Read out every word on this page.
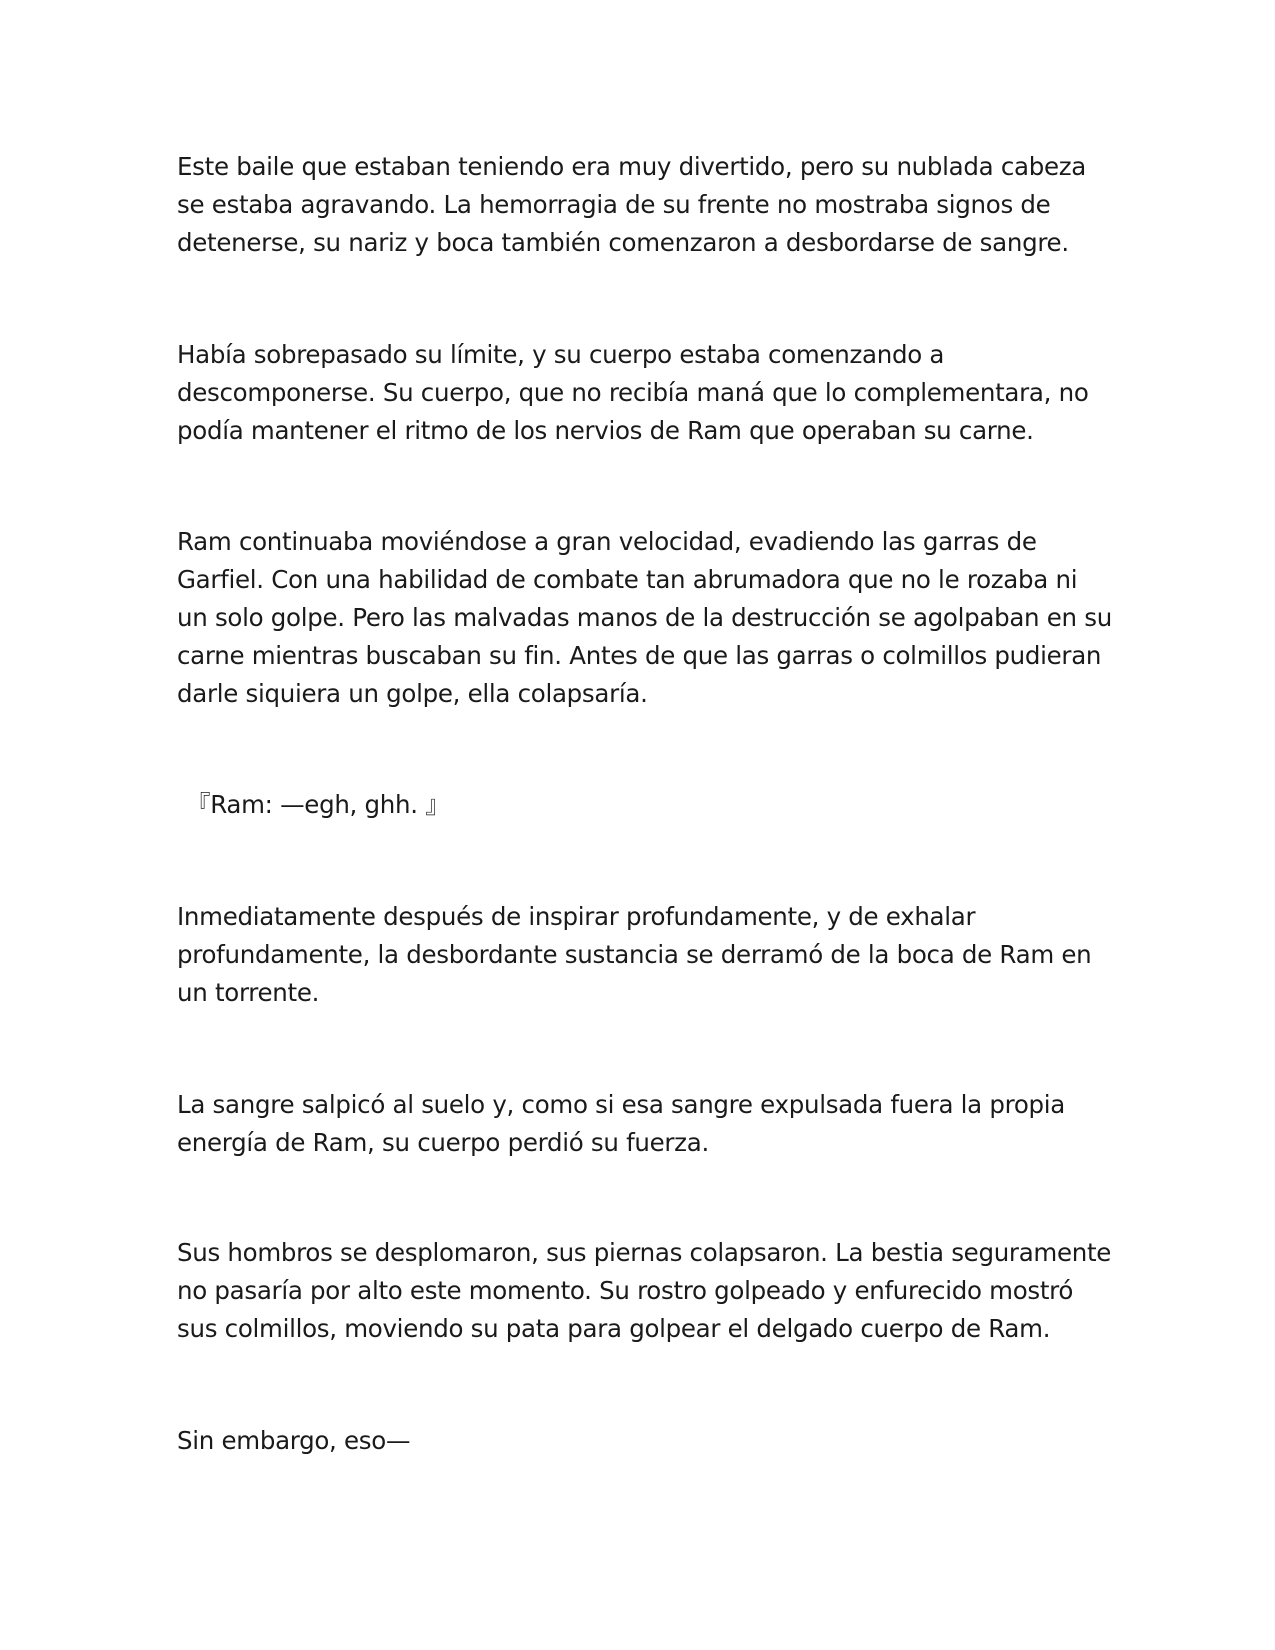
Este baile que estaban teniendo era muy divertido, pero su nublada cabeza
se estaba agravando. La hemorragia de su frente no mostraba signos de
detenerse, su nariz y boca también comenzaron a desbordarse de sangre.

Había sobrepasado su límite, y su cuerpo estaba comenzando a
descomponerse. Su cuerpo, que no recibía maná que lo complementara, no
podía mantener el ritmo de los nervios de Ram que operaban su carne.

Ram continuaba moviéndose a gran velocidad, evadiendo las garras de
Garfiel. Con una habilidad de combate tan abrumadora que no le rozaba ni
un solo golpe. Pero las malvadas manos de la destrucción se agolpaban en su
carne mientras buscaban su fin. Antes de que las garras o colmillos pudieran
darle siquiera un golpe, ella colapsaría.

『Ram: —egh, ghh. 』

Inmediatamente después de inspirar profundamente, y de exhalar
profundamente, la desbordante sustancia se derramó de la boca de Ram en
un torrente.

La sangre salpicó al suelo y, como si esa sangre expulsada fuera la propia
energía de Ram, su cuerpo perdió su fuerza.

Sus hombros se desplomaron, sus piernas colapsaron. La bestia seguramente
no pasaría por alto este momento. Su rostro golpeado y enfurecido mostró
sus colmillos, moviendo su pata para golpear el delgado cuerpo de Ram.

Sin embargo, eso—
